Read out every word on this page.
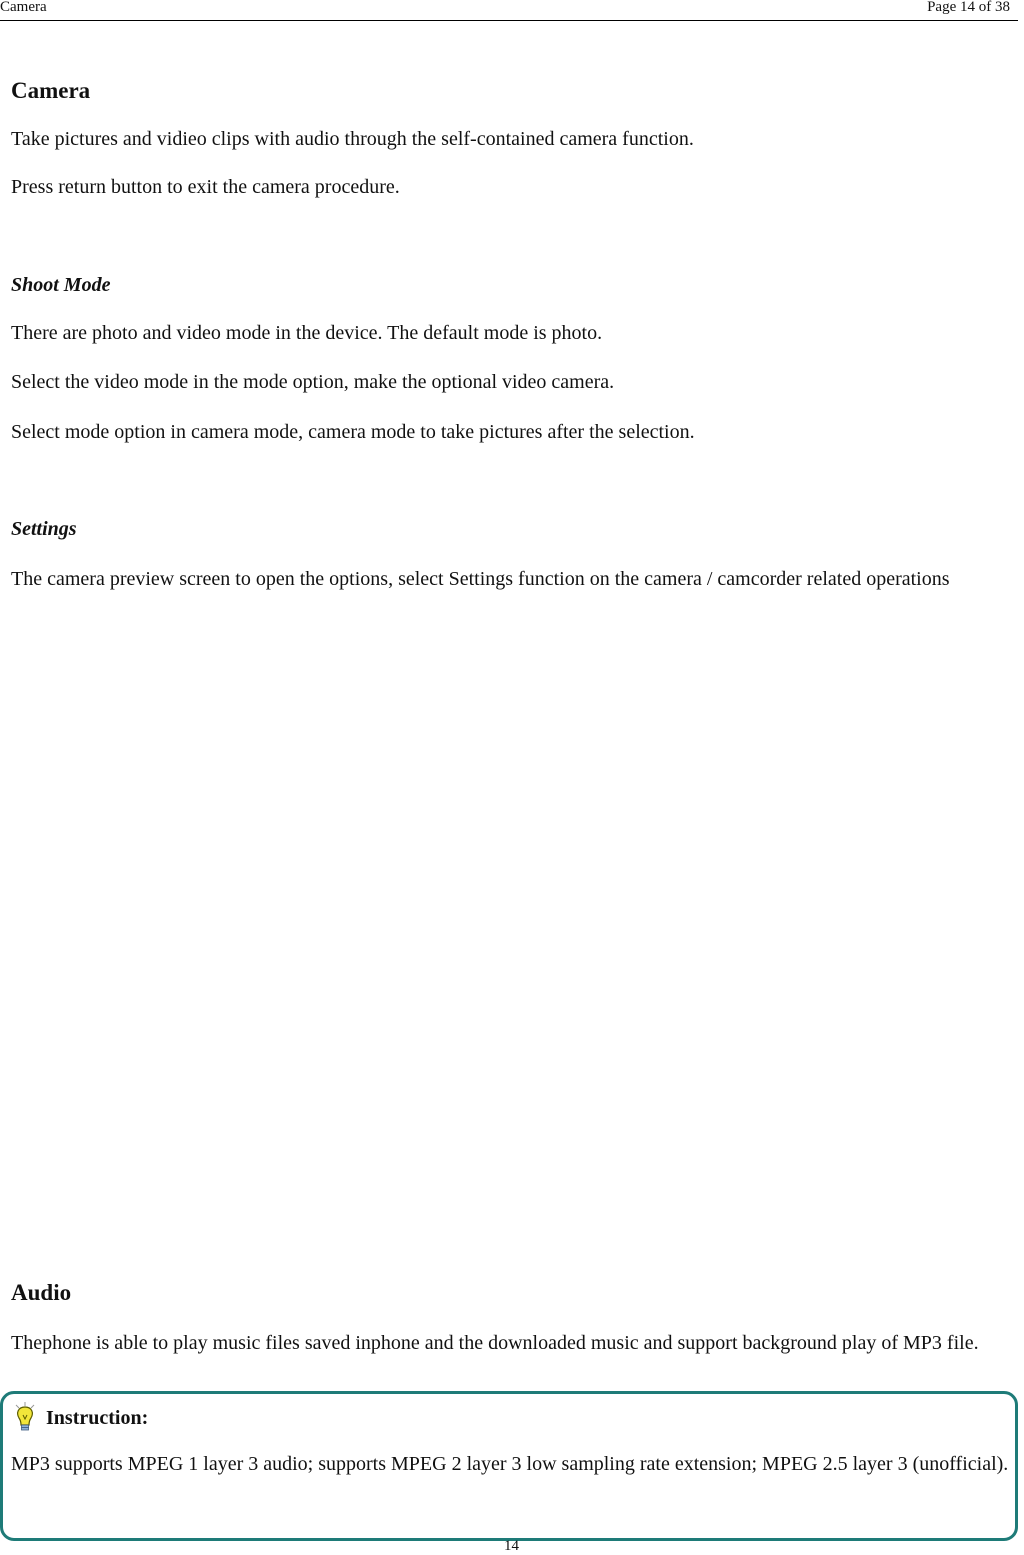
Camera	Page 14 of 38
Camera
Take pictures and vidieo clips with audio through the self-contained camera function.
Press return button to exit the camera procedure.
Shoot Mode
There are photo and video mode in the device. The default mode is photo.
Select the video mode in the mode option, make the optional video camera.
Select mode option in camera mode, camera mode to take pictures after the selection.
Settings
The camera preview screen to open the options, select Settings function on the camera / camcorder related operations
Audio
Thephone is able to play music files saved inphone and the downloaded music and support background play of MP3 file.
Instruction:
MP3 supports MPEG 1 layer 3 audio; supports MPEG 2 layer 3 low sampling rate extension; MPEG 2.5 layer 3 (unofficial).
14
